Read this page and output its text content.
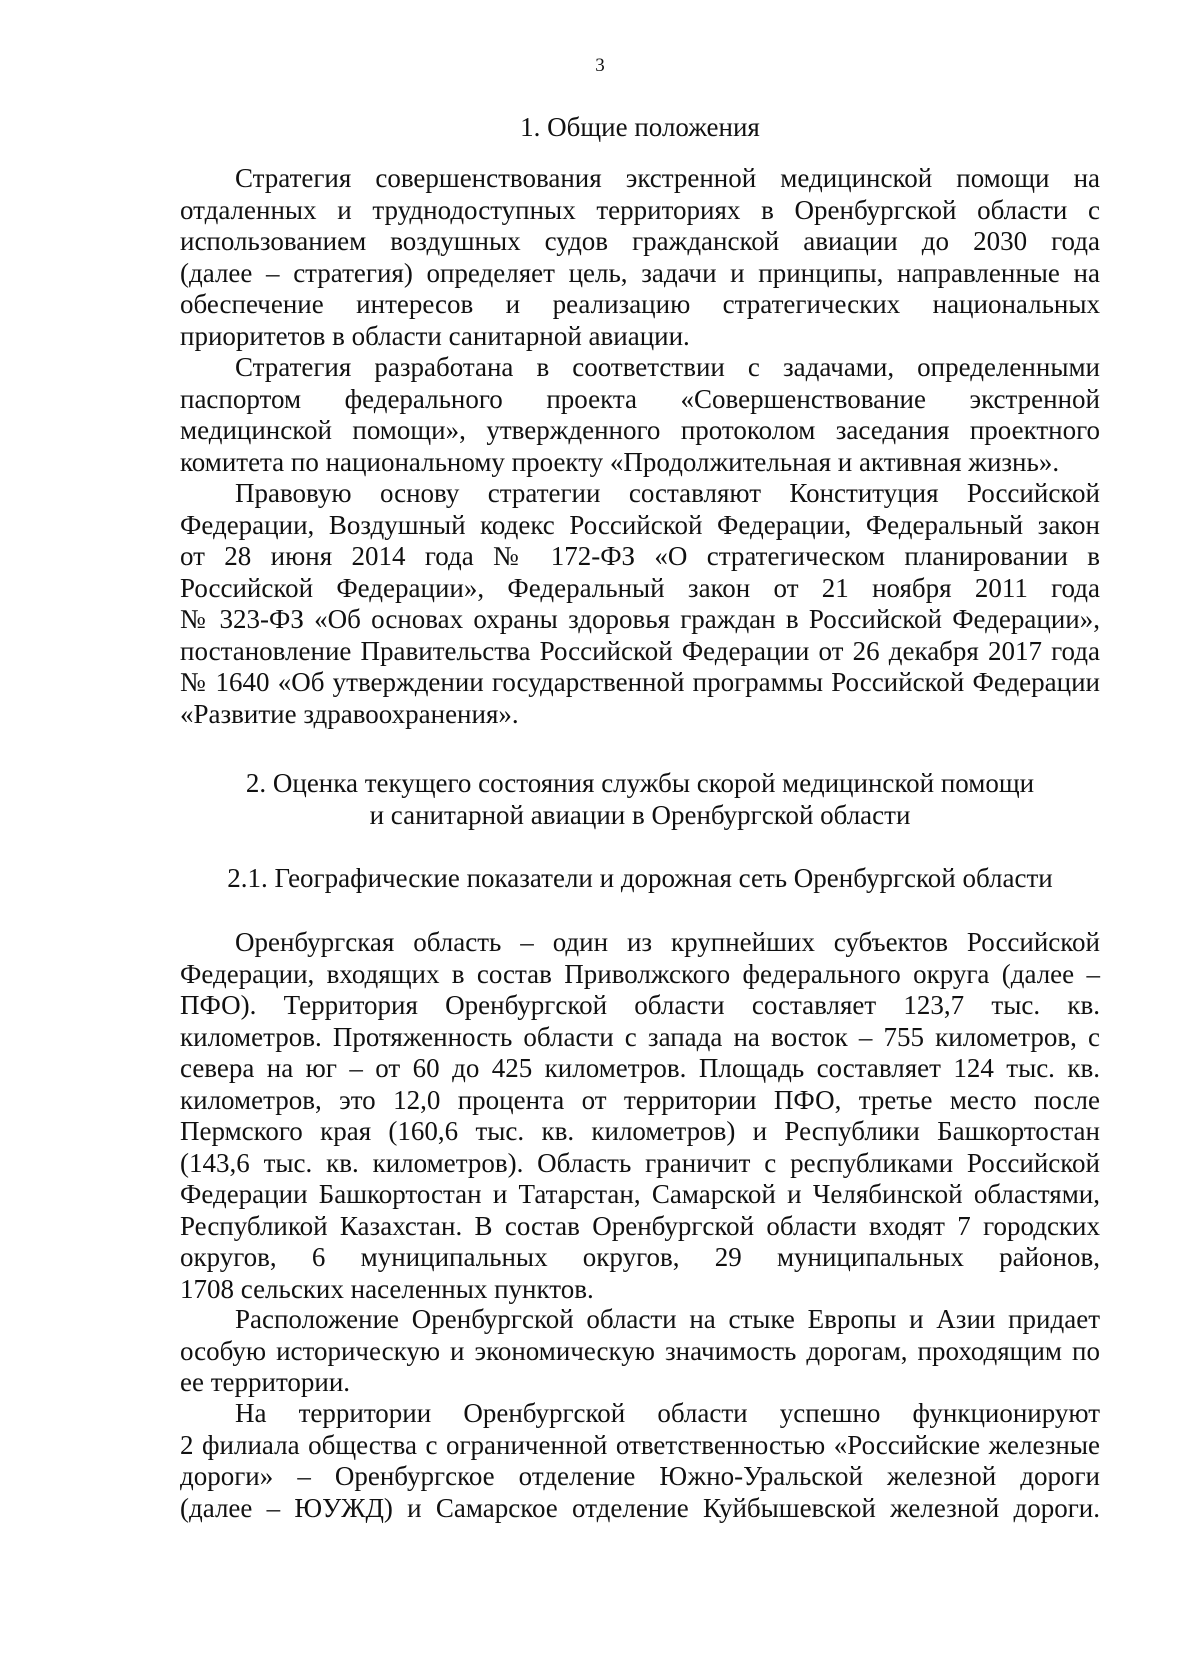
3
1. Общие положения
Стратегия совершенствования экстренной медицинской помощи на
отдаленных и труднодоступных территориях в Оренбургской области с
использованием воздушных судов гражданской авиации до 2030 года
(далее – стратегия) определяет цель, задачи и принципы, направленные на
обеспечение интересов и реализацию стратегических национальных
приоритетов в области санитарной авиации.
Стратегия разработана в соответствии с задачами, определенными
паспортом федерального проекта «Совершенствование экстренной
медицинской помощи», утвержденного протоколом заседания проектного
комитета по национальному проекту «Продолжительная и активная жизнь».
Правовую основу стратегии составляют Конституция Российской
Федерации, Воздушный кодекс Российской Федерации, Федеральный закон
от 28 июня 2014 года № 172-ФЗ «О стратегическом планировании в
Российской Федерации», Федеральный закон от 21 ноября 2011 года
№ 323-ФЗ «Об основах охраны здоровья граждан в Российской Федерации»,
постановление Правительства Российской Федерации от 26 декабря 2017 года
№ 1640 «Об утверждении государственной программы Российской Федерации
«Развитие здравоохранения».
2. Оценка текущего состояния службы скорой медицинской помощи
и санитарной авиации в Оренбургской области
2.1. Географические показатели и дорожная сеть Оренбургской области
Оренбургская область – один из крупнейших субъектов Российской
Федерации, входящих в состав Приволжского федерального округа (далее –
ПФО). Территория Оренбургской области составляет 123,7 тыс. кв.
километров. Протяженность области с запада на восток – 755 километров, с
севера на юг – от 60 до 425 километров. Площадь составляет 124 тыс. кв.
километров, это 12,0 процента от территории ПФО, третье место после
Пермского края (160,6 тыс. кв. километров) и Республики Башкортостан
(143,6 тыс. кв. километров). Область граничит с республиками Российской
Федерации Башкортостан и Татарстан, Самарской и Челябинской областями,
Республикой Казахстан. В состав Оренбургской области входят 7 городских
округов, 6 муниципальных округов, 29 муниципальных районов,
1708 сельских населенных пунктов.
Расположение Оренбургской области на стыке Европы и Азии придает
особую историческую и экономическую значимость дорогам, проходящим по
ее территории.
На территории Оренбургской области успешно функционируют
2 филиала общества с ограниченной ответственностью «Российские железные
дороги» – Оренбургское отделение Южно-Уральской железной дороги
(далее – ЮУЖД) и Самарское отделение Куйбышевской железной дороги.
